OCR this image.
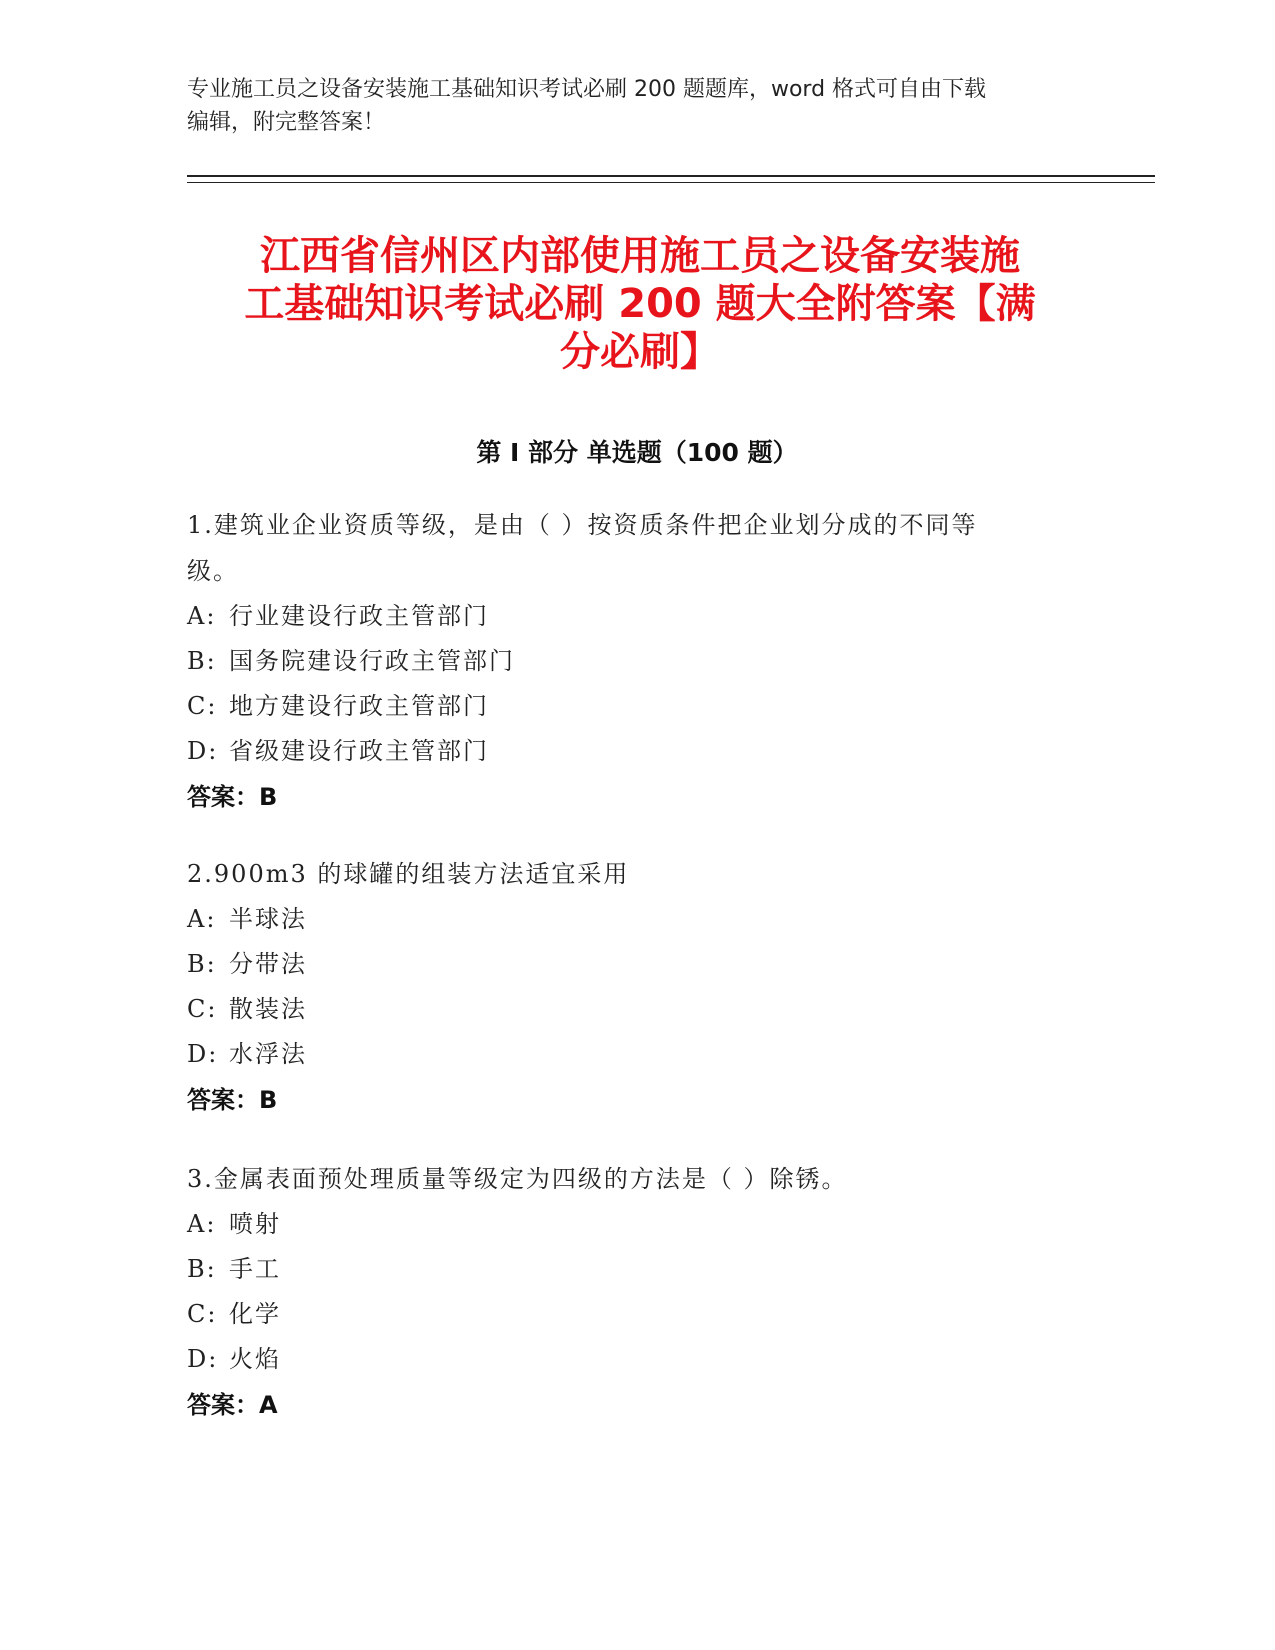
专业施工员之设备安装施工基础知识考试必刷 200 题题库，word 格式可自由下载
编辑，附完整答案！
江西省信州区内部使用施工员之设备安装施
工基础知识考试必刷 200 题大全附答案【满
分必刷】
第 I 部分 单选题（100 题）
1.建筑业企业资质等级，是由（ ）按资质条件把企业划分成的不同等
级。
A: 行业建设行政主管部门
B: 国务院建设行政主管部门
C: 地方建设行政主管部门
D: 省级建设行政主管部门
答案：B
2.900m3 的球罐的组装方法适宜采用
A: 半球法
B: 分带法
C: 散装法
D: 水浮法
答案：B
3.金属表面预处理质量等级定为四级的方法是（ ）除锈。
A: 喷射
B: 手工
C: 化学
D: 火焰
答案：A
